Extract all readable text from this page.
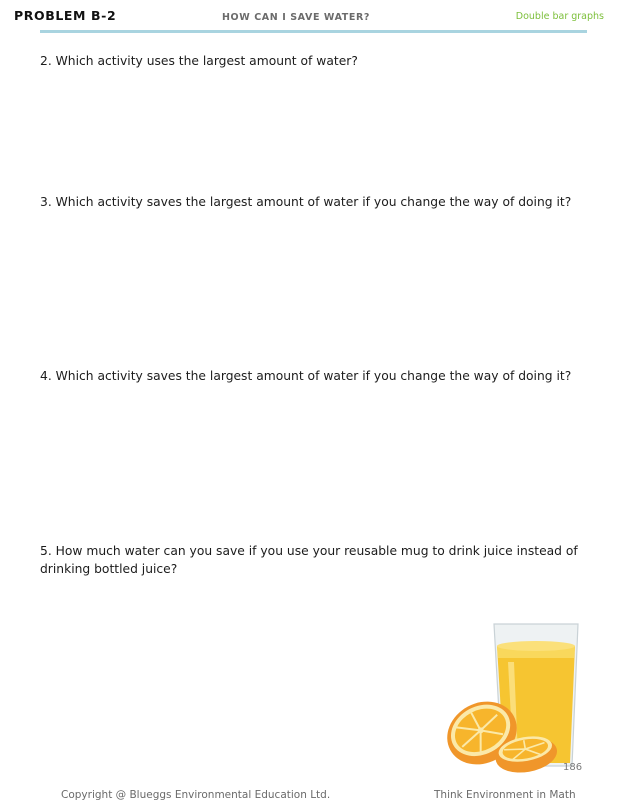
PROBLEM B-2	HOW CAN I SAVE WATER?	Double bar graphs
2. Which activity uses the largest amount of water?
3. Which activity saves the largest amount of water if you change the way of doing it?
4. Which activity saves the largest amount of water if you change the way of doing it?
5. How much water can you save if you use your reusable mug to drink juice instead of drinking bottled juice?
186
Copyright @ Blueggs Environmental Education Ltd.	Think Environment in Math
